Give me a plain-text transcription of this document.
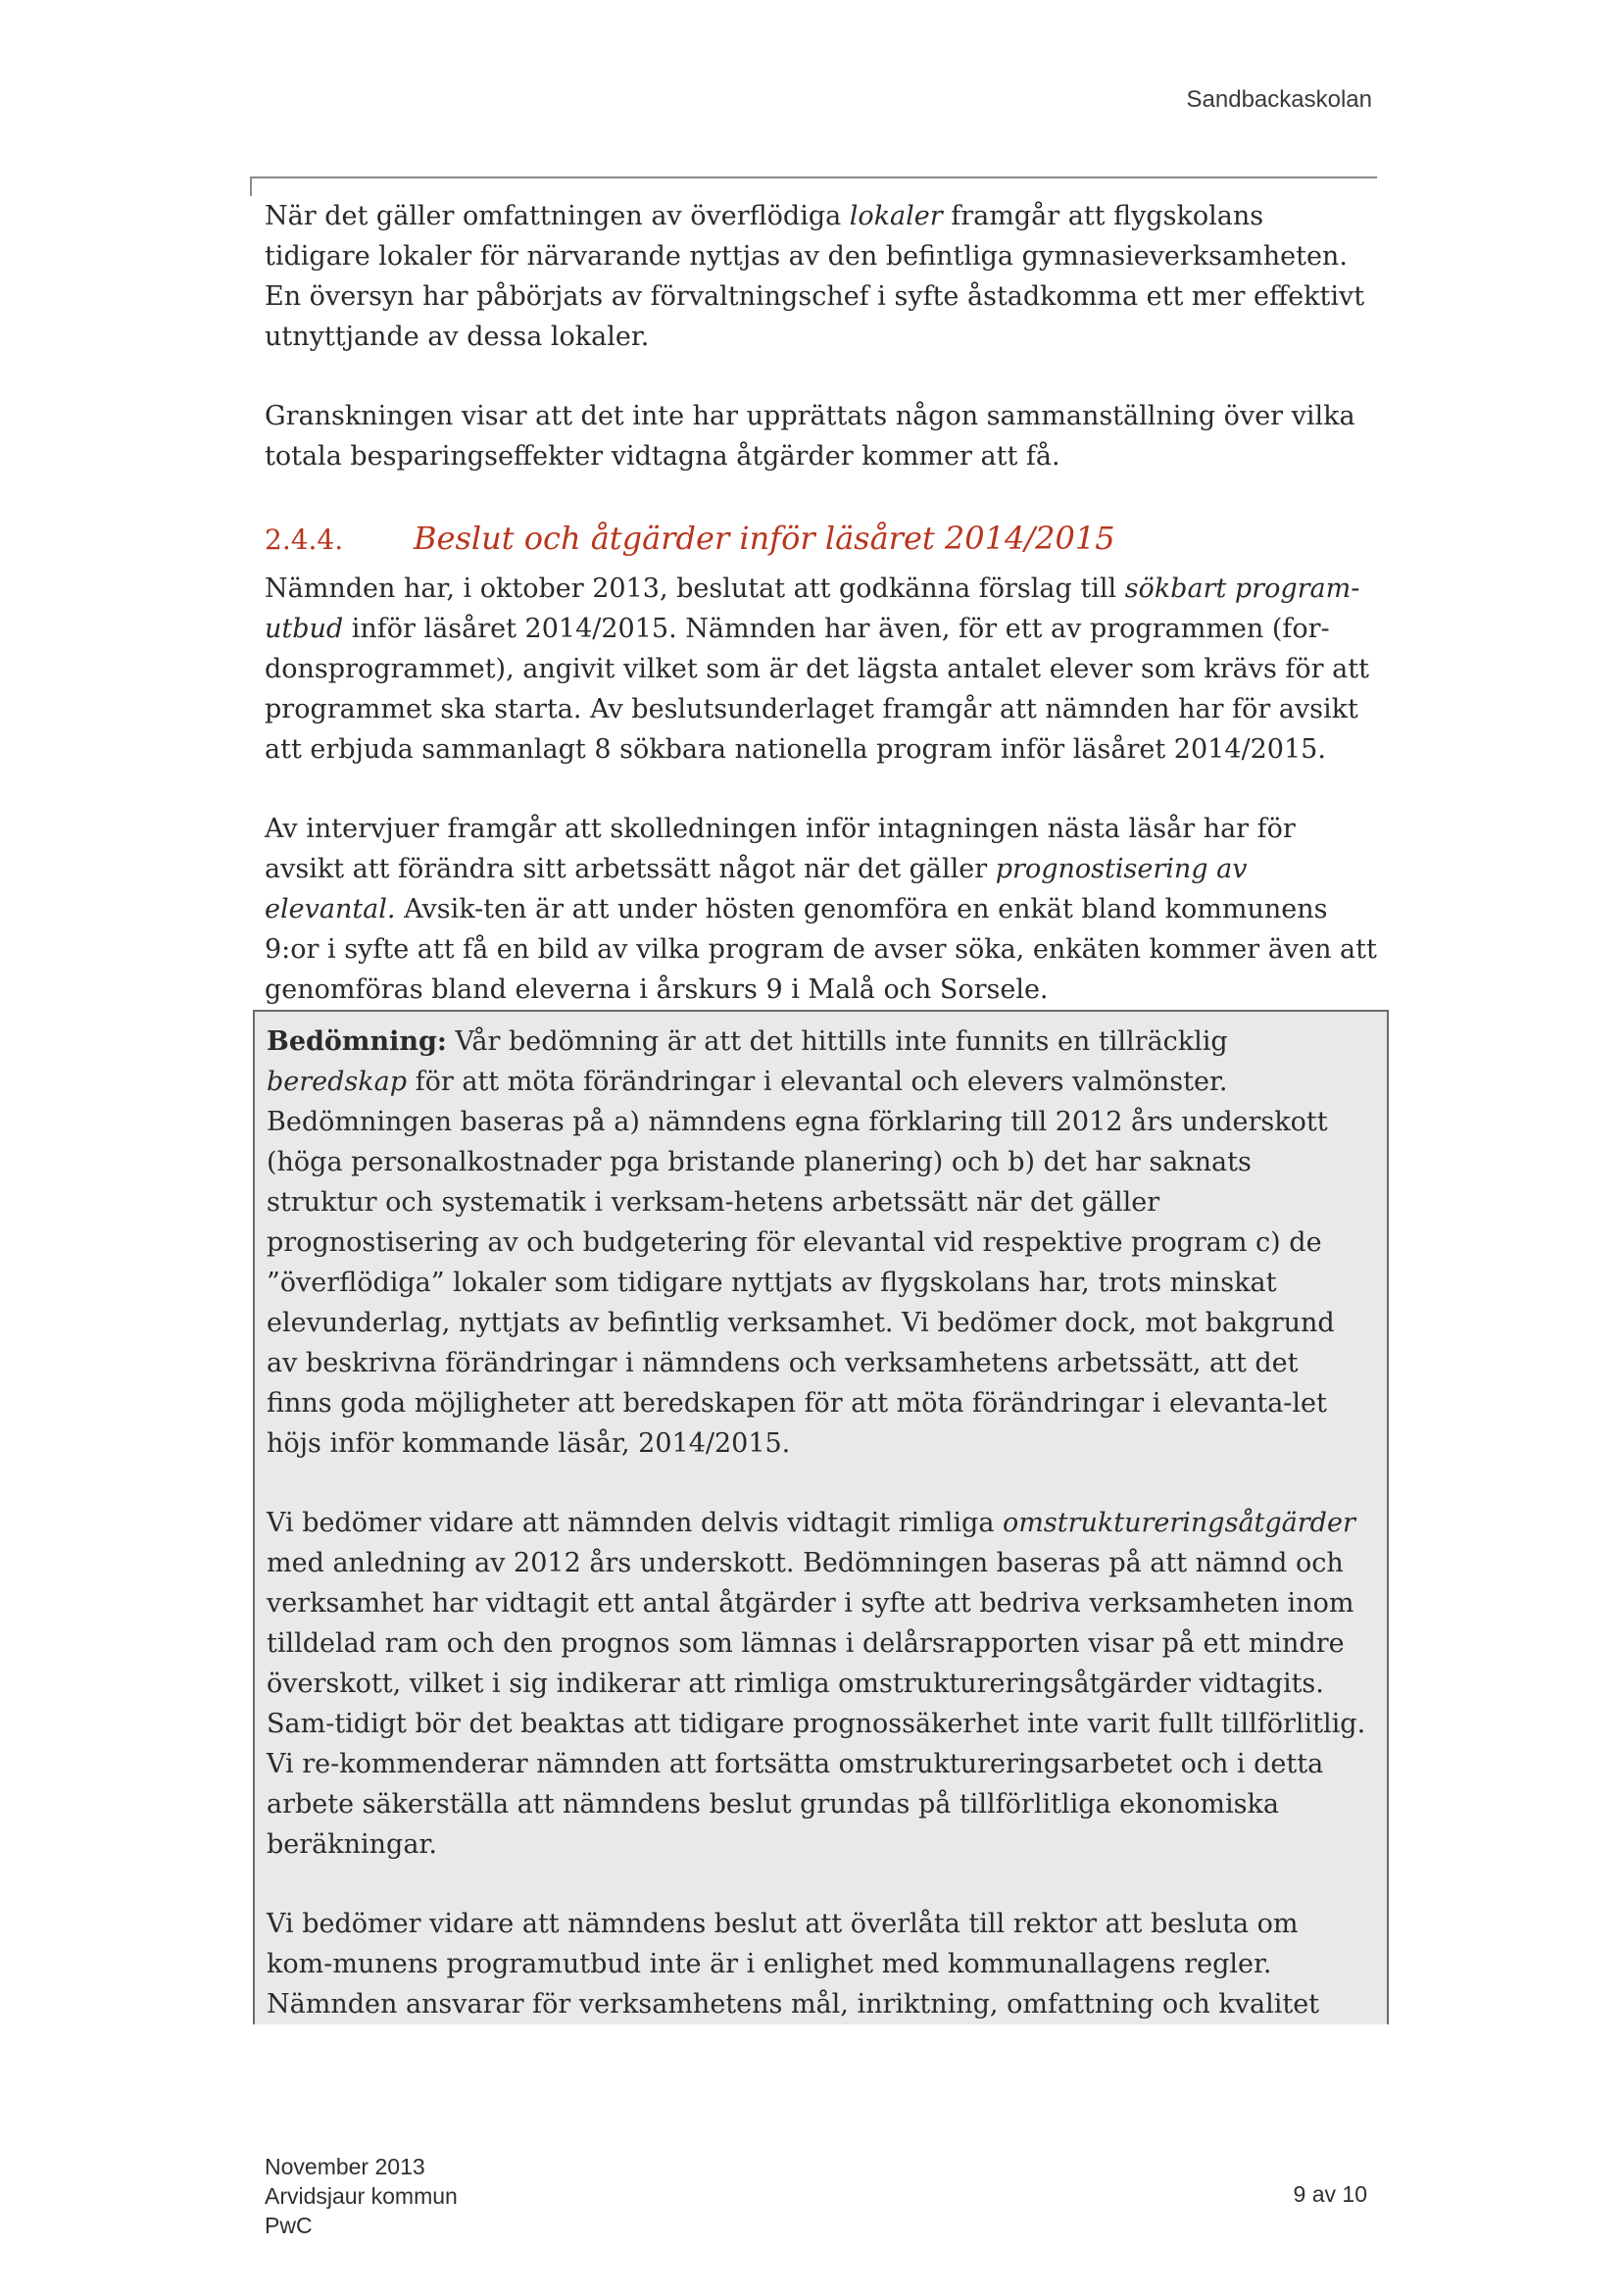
Sandbackaskolan

När det gäller omfattningen av överflödiga lokaler framgår att flygskolans tidigare lokaler för närvarande nyttjas av den befintliga gymnasieverksamheten. En översyn har påbörjats av förvaltningschef i syfte åstadkomma ett mer effektivt utnyttjande av dessa lokaler.

Granskningen visar att det inte har upprättats någon sammanställning över vilka totala besparingseffekter vidtagna åtgärder kommer att få.

2.4.4.	Beslut och åtgärder inför läsåret 2014/2015

Nämnden har, i oktober 2013, beslutat att godkänna förslag till sökbart program-utbud inför läsåret 2014/2015. Nämnden har även, för ett av programmen (for-donsprogrammet), angivit vilket som är det lägsta antalet elever som krävs för att programmet ska starta. Av beslutsunderlaget framgår att nämnden har för avsikt att erbjuda sammanlagt 8 sökbara nationella program inför läsåret 2014/2015.

Av intervjuer framgår att skolledningen inför intagningen nästa läsår har för avsikt att förändra sitt arbetssätt något när det gäller prognostisering av elevantal. Avsik-ten är att under hösten genomföra en enkät bland kommunens 9:or i syfte att få en bild av vilka program de avser söka, enkäten kommer även att genomföras bland eleverna i årskurs 9 i Malå och Sorsele.

Bedömning: Vår bedömning är att det hittills inte funnits en tillräcklig beredskap för att möta förändringar i elevantal och elevers valmönster. Bedömningen baseras på a) nämndens egna förklaring till 2012 års underskott (höga personalkostnader pga bristande planering) och b) det har saknats struktur och systematik i verksam-hetens arbetssätt när det gäller prognostisering av och budgetering för elevantal vid respektive program c) de ”överflödiga” lokaler som tidigare nyttjats av flygskolans har, trots minskat elevunderlag, nyttjats av befintlig verksamhet. Vi bedömer dock, mot bakgrund av beskrivna förändringar i nämndens och verksamhetens arbetssätt, att det finns goda möjligheter att beredskapen för att möta förändringar i elevanta-let höjs inför kommande läsår, 2014/2015.

Vi bedömer vidare att nämnden delvis vidtagit rimliga omstruktureringsåtgärder med anledning av 2012 års underskott. Bedömningen baseras på att nämnd och verksamhet har vidtagit ett antal åtgärder i syfte att bedriva verksamheten inom tilldelad ram och den prognos som lämnas i delårsrapporten visar på ett mindre överskott, vilket i sig indikerar att rimliga omstruktureringsåtgärder vidtagits. Sam-tidigt bör det beaktas att tidigare prognossäkerhet inte varit fullt tillförlitlig. Vi re-kommenderar nämnden att fortsätta omstruktureringsarbetet och i detta arbete säkerställa att nämndens beslut grundas på tillförlitliga ekonomiska beräkningar.

Vi bedömer vidare att nämndens beslut att överlåta till rektor att besluta om kom-munens programutbud inte är i enlighet med kommunallagens regler. Nämnden ansvarar för verksamhetens mål, inriktning, omfattning och kvalitet

November 2013
Arvidsjaur kommun
PwC
9 av 10
